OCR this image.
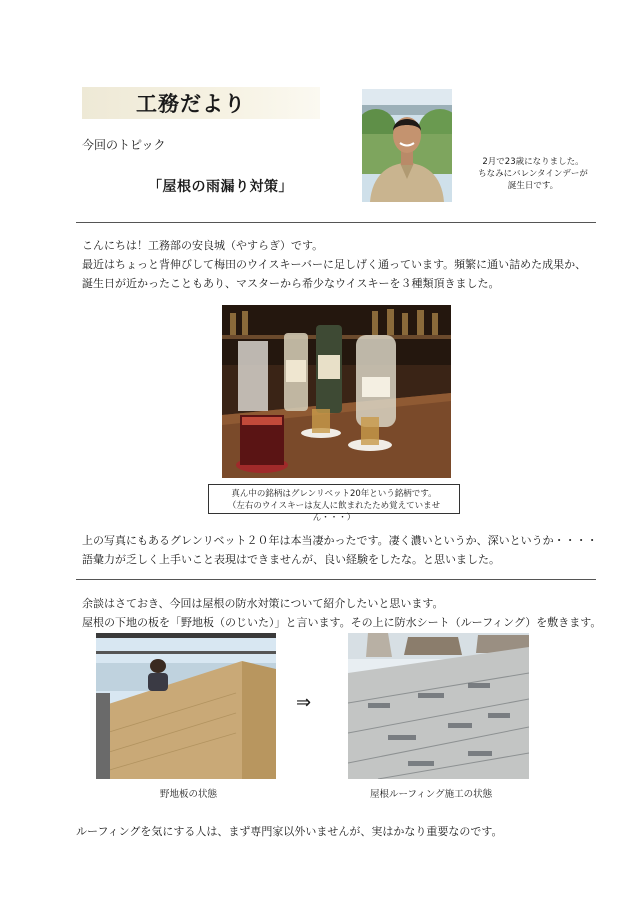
工務だより
今回のトピック
「屋根の雨漏り対策」
2月で23歳になりました。
ちなみにバレンタインデーが
誕生日です。
こんにちは！工務部の安良城（やすらぎ）です。
最近はちょっと背伸びして梅田のウイスキーバーに足しげく通っています。頻繁に通い詰めた成果か、
誕生日が近かったこともあり、マスターから希少なウイスキーを３種類頂きました。
真ん中の銘柄はグレンリベット20年という銘柄です。
（左右のウイスキーは友人に飲まれたため覚えていません・・・）
上の写真にもあるグレンリベット２０年は本当凄かったです。凄く濃いというか、深いというか・・・・
語彙力が乏しく上手いこと表現はできませんが、良い経験をしたな。と思いました。
余談はさておき、今回は屋根の防水対策について紹介したいと思います。
屋根の下地の板を「野地板（のじいた）」と言います。その上に防水シート（ルーフィング）を敷きます。
⇒
野地板の状態	屋根ルーフィング施工の状態
ルーフィングを気にする人は、まず専門家以外いませんが、実はかなり重要なのです。
